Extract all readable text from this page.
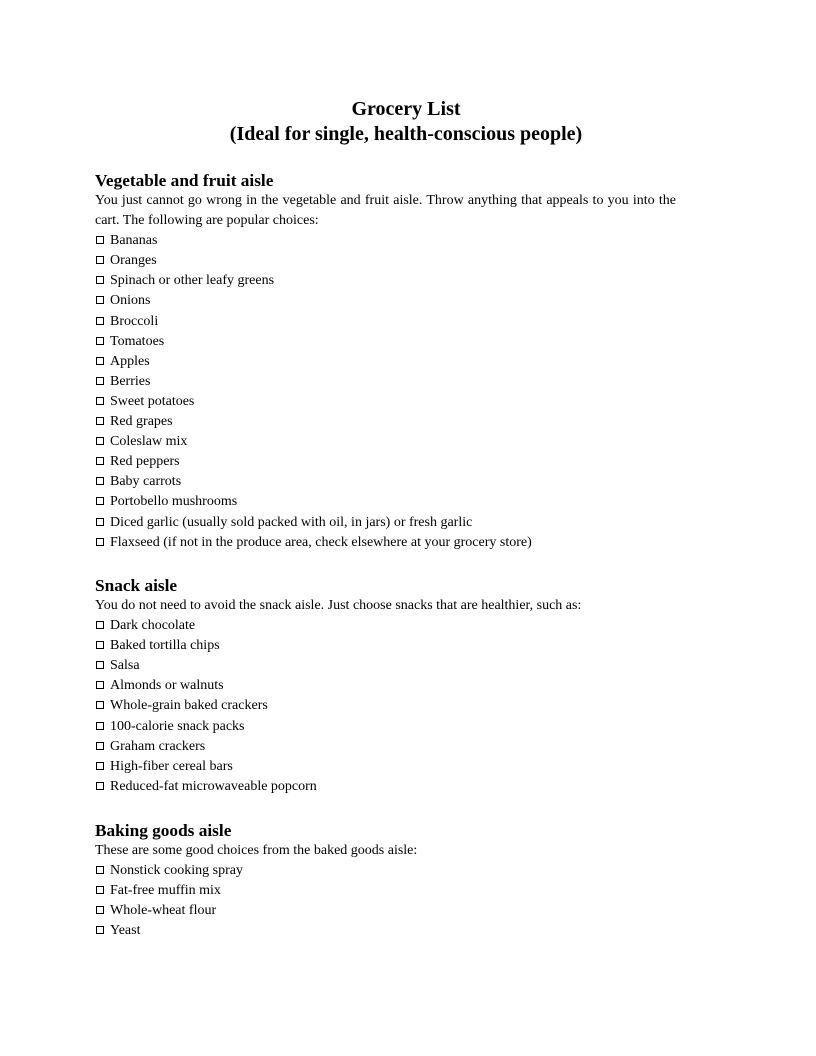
Grocery List
(Ideal for single, health-conscious people)
Vegetable and fruit aisle

You just cannot go wrong in the vegetable and fruit aisle. Throw anything that appeals to you into the cart. The following are popular choices:

Bananas
Oranges
Spinach or other leafy greens
Onions
Broccoli
Tomatoes
Apples
Berries
Sweet potatoes
Red grapes
Coleslaw mix
Red peppers
Baby carrots
Portobello mushrooms
Diced garlic (usually sold packed with oil, in jars) or fresh garlic
Flaxseed (if not in the produce area, check elsewhere at your grocery store)
Snack aisle

You do not need to avoid the snack aisle. Just choose snacks that are healthier, such as:

Dark chocolate
Baked tortilla chips
Salsa
Almonds or walnuts
Whole-grain baked crackers
100-calorie snack packs
Graham crackers
High-fiber cereal bars
Reduced-fat microwaveable popcorn
Baking goods aisle

These are some good choices from the baked goods aisle:

Nonstick cooking spray
Fat-free muffin mix
Whole-wheat flour
Yeast
